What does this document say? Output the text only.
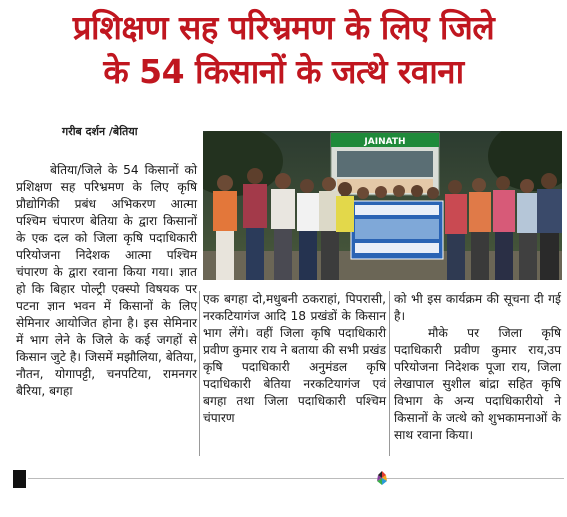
प्रशिक्षण सह परिभ्रमण के लिए जिले
के 54 किसानों के जत्थे रवाना
गरीब दर्शन /बेतिया
JAINATH

बेतिया/जिले के 54 किसानों को प्रशिक्षण सह परिभ्रमण के लिए कृषि प्रौद्योगिकी प्रबंध अभिकरण आत्मा पश्चिम चंपारण बेतिया के द्वारा किसानों के एक दल को जिला कृषि पदाधिकारी परियोजना निदेशक आत्मा पश्चिम चंपारण के द्वारा रवाना किया गया। ज्ञात हो कि बिहार पोल्ट्री एक्स्पो विषयक पर पटना ज्ञान भवन में किसानों के लिए सेमिनार आयोजित होना है। इस सेमिनार में भाग लेने के जिले के कई जगहों से किसान जुटे है। जिसमें मझौलिया, बेतिया, नौतन, योगापट्टी, चनपटिया, रामनगर बैरिया, बगहा

एक बगहा दो,मधुबनी ठकराहां, पिपरासी, नरकटियागंज आदि 18 प्रखंडों के किसान भाग लेंगे। वहीं जिला कृषि पदाधिकारी प्रवीण कुमार राय ने बताया की सभी प्रखंड कृषि पदाधिकारी अनुमंडल कृषि पदाधिकारी बेतिया नरकटियागंज एवं बगहा तथा जिला पदाधिकारी पश्चिम चंपारण

को भी इस कार्यक्रम की सूचना दी गई है।

मौके पर जिला कृषि पदाधिकारी प्रवीण कुमार राय,उप परियोजना निदेशक पूजा राय, जिला लेखापाल सुशील बांद्रा सहित कृषि विभाग के अन्य पदाधिकारीयो ने किसानों के जत्थे को शुभकामनाओं के साथ रवाना किया।
